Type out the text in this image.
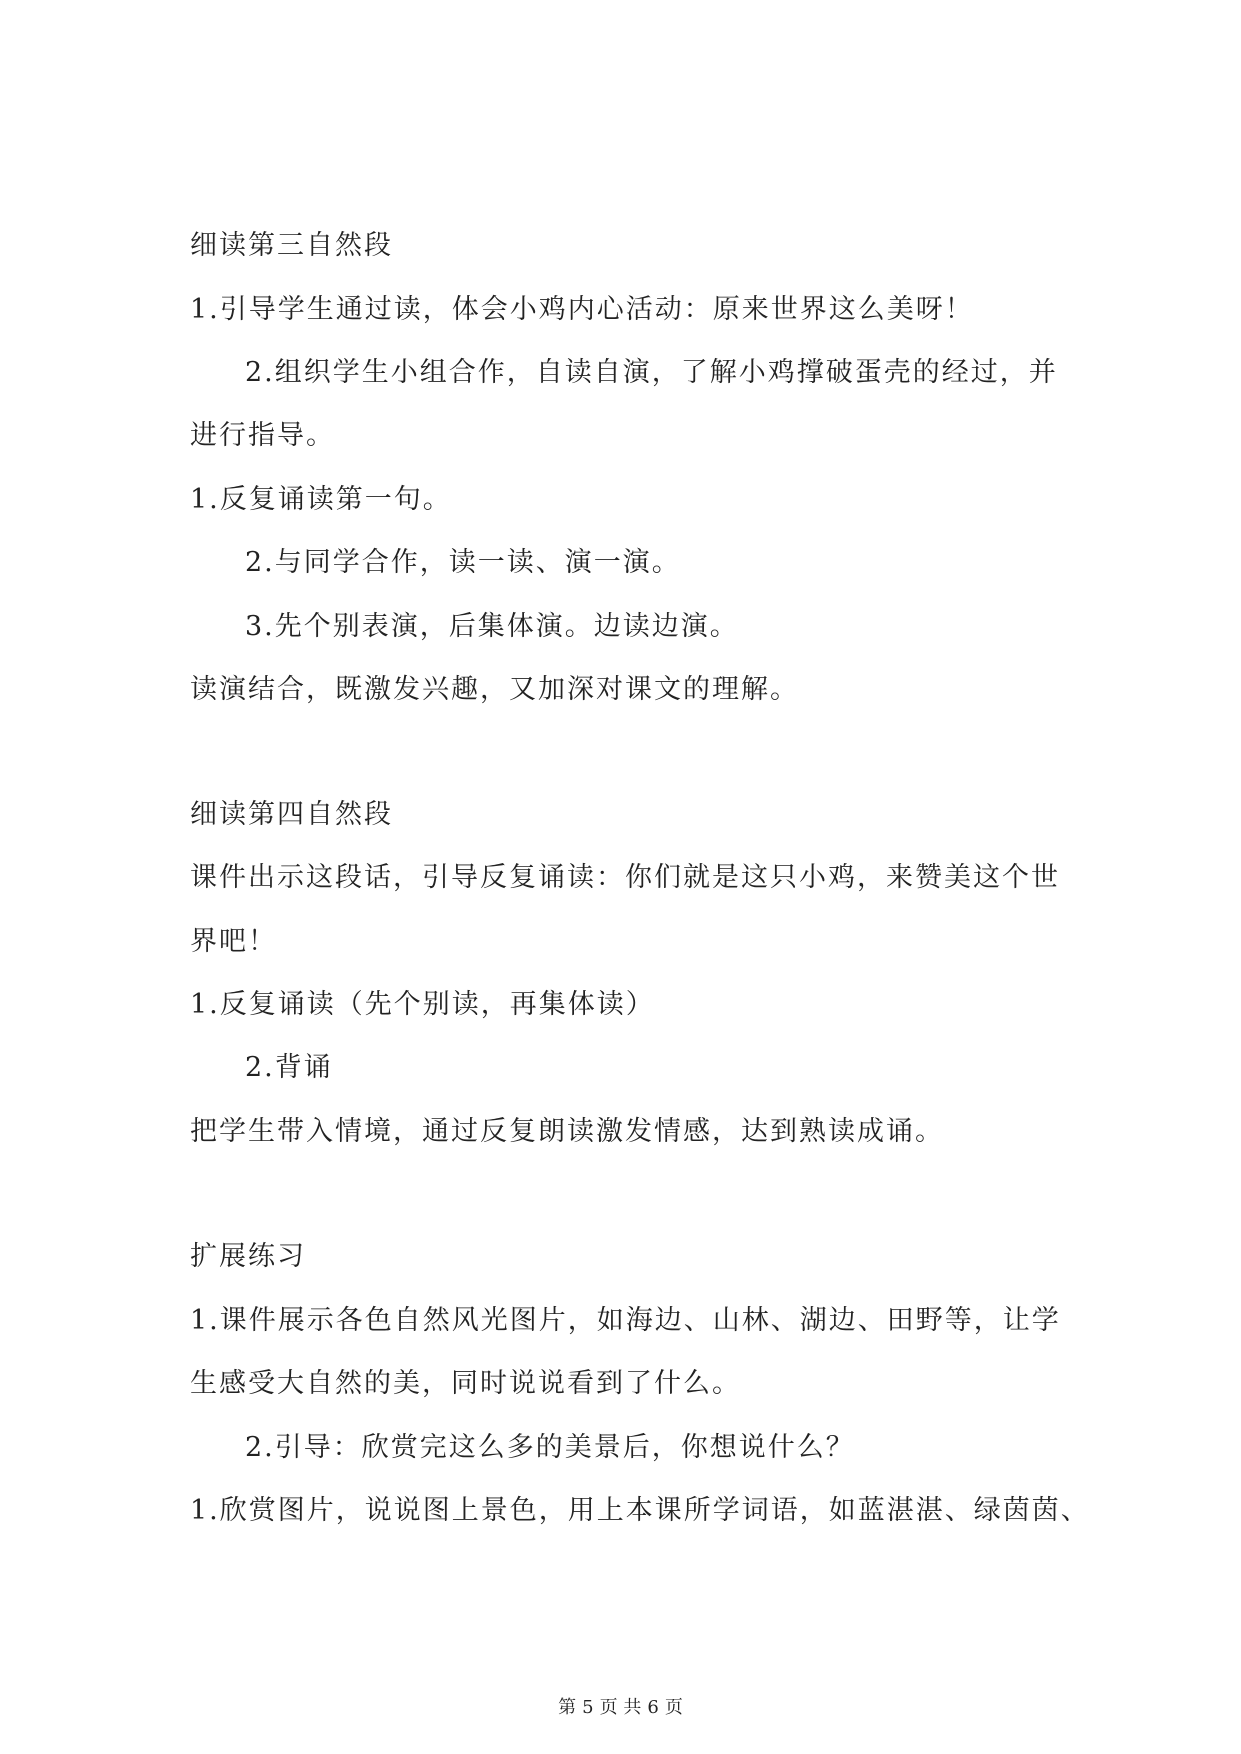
细读第三自然段
1.引导学生通过读，体会小鸡内心活动：原来世界这么美呀！
2.组织学生小组合作，自读自演，了解小鸡撑破蛋壳的经过，并
进行指导。
1.反复诵读第一句。
2.与同学合作，读一读、演一演。
3.先个别表演，后集体演。边读边演。
读演结合，既激发兴趣，又加深对课文的理解。
细读第四自然段
课件出示这段话，引导反复诵读：你们就是这只小鸡，来赞美这个世
界吧！
1.反复诵读（先个别读，再集体读）
2.背诵
把学生带入情境，通过反复朗读激发情感，达到熟读成诵。
扩展练习
1.课件展示各色自然风光图片，如海边、山林、湖边、田野等，让学
生感受大自然的美，同时说说看到了什么。
2.引导：欣赏完这么多的美景后，你想说什么？
1.欣赏图片，说说图上景色，用上本课所学词语，如蓝湛湛、绿茵茵、
第 5 页 共 6 页
